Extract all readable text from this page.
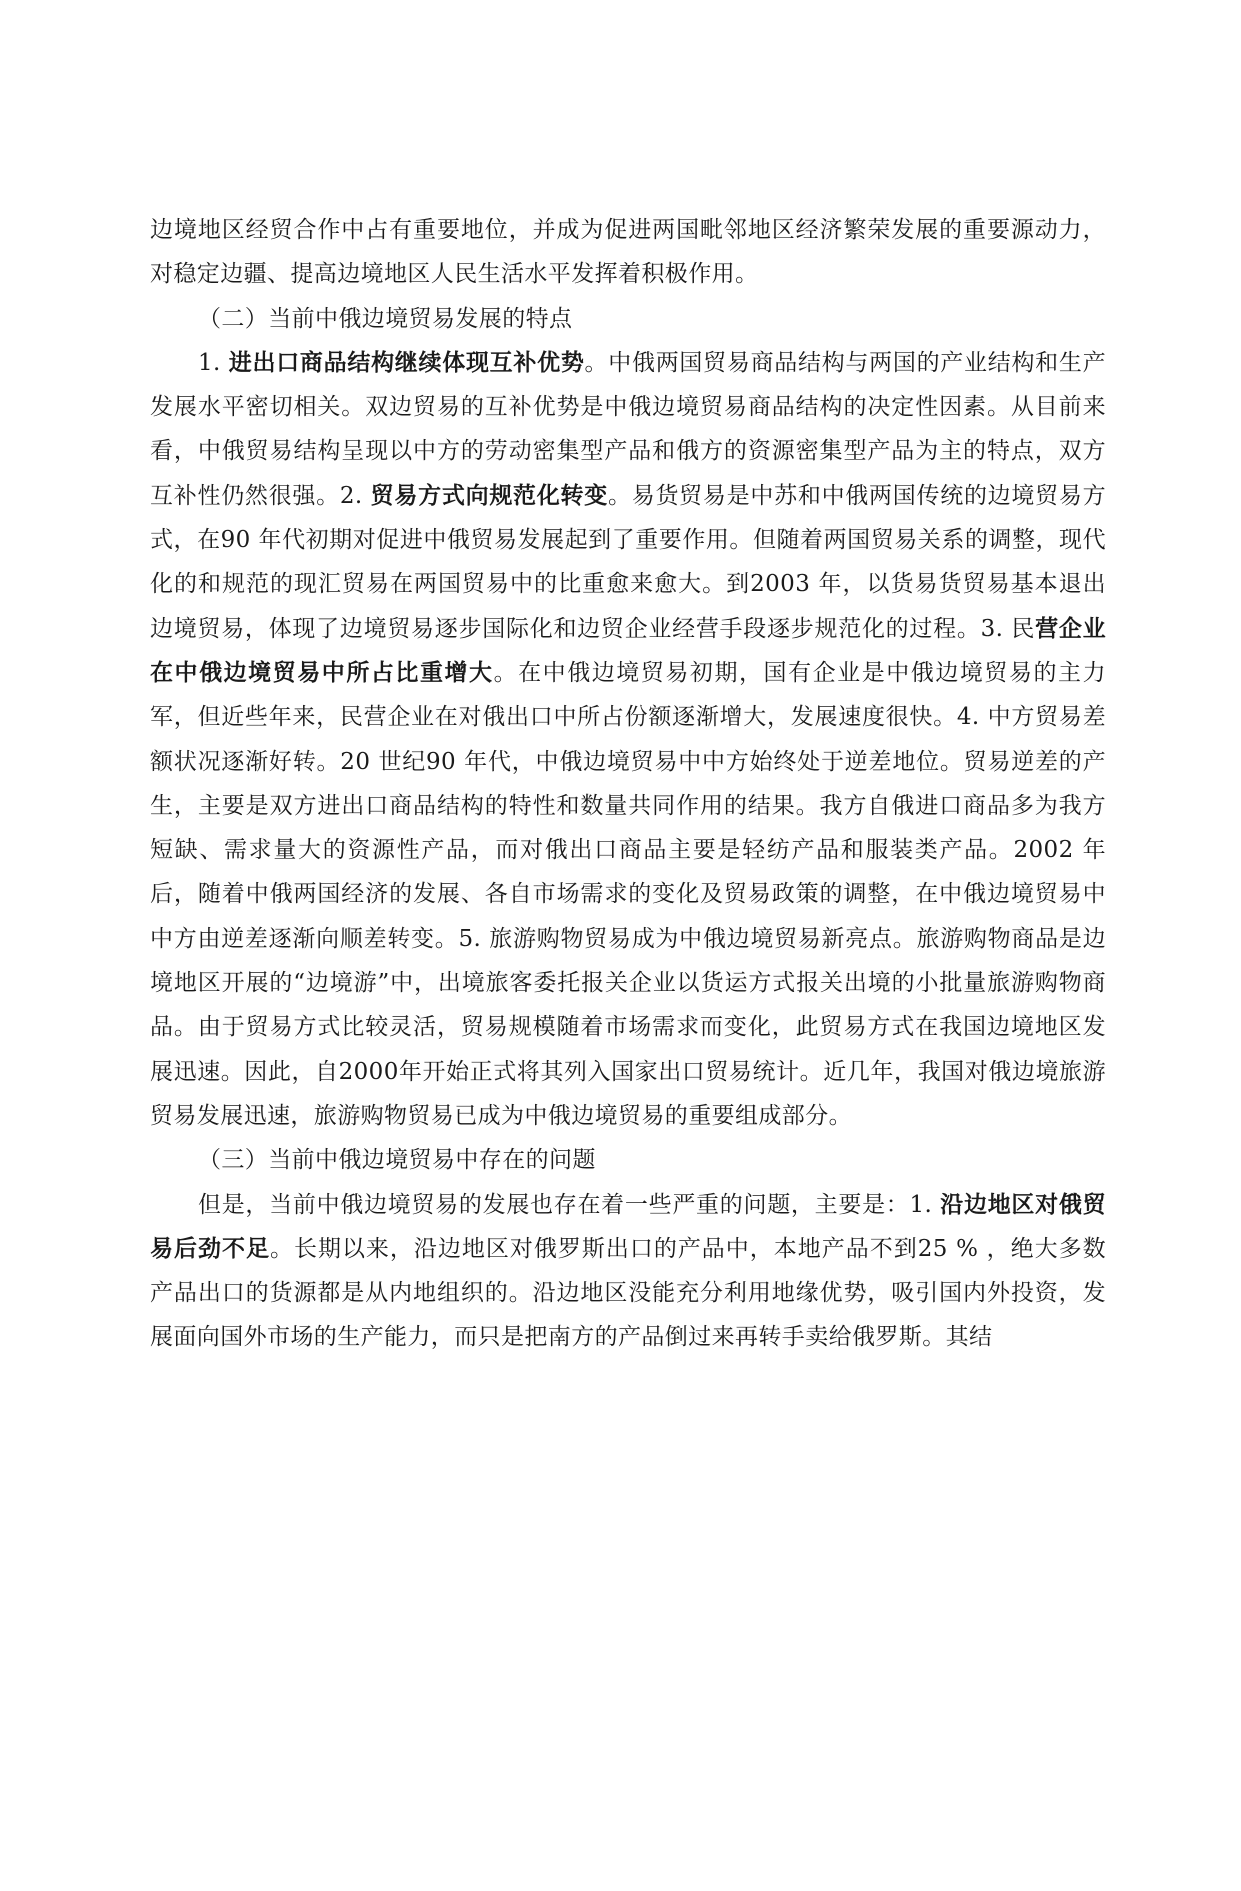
边境地区经贸合作中占有重要地位，并成为促进两国毗邻地区经济繁荣发展的重要源动力，对稳定边疆、提高边境地区人民生活水平发挥着积极作用。

（二）当前中俄边境贸易发展的特点

1. 进出口商品结构继续体现互补优势。中俄两国贸易商品结构与两国的产业结构和生产发展水平密切相关。双边贸易的互补优势是中俄边境贸易商品结构的决定性因素。从目前来看，中俄贸易结构呈现以中方的劳动密集型产品和俄方的资源密集型产品为主的特点，双方互补性仍然很强。2. 贸易方式向规范化转变。易货贸易是中苏和中俄两国传统的边境贸易方式，在90 年代初期对促进中俄贸易发展起到了重要作用。但随着两国贸易关系的调整，现代化的和规范的现汇贸易在两国贸易中的比重愈来愈大。到2003 年，以货易货贸易基本退出边境贸易，体现了边境贸易逐步国际化和边贸企业经营手段逐步规范化的过程。3. 民营企业在中俄边境贸易中所占比重增大。在中俄边境贸易初期，国有企业是中俄边境贸易的主力军，但近些年来，民营企业在对俄出口中所占份额逐渐增大，发展速度很快。4. 中方贸易差额状况逐渐好转。20 世纪90 年代，中俄边境贸易中中方始终处于逆差地位。贸易逆差的产生，主要是双方进出口商品结构的特性和数量共同作用的结果。我方自俄进口商品多为我方短缺、需求量大的资源性产品，而对俄出口商品主要是轻纺产品和服装类产品。2002 年后，随着中俄两国经济的发展、各自市场需求的变化及贸易政策的调整，在中俄边境贸易中中方由逆差逐渐向顺差转变。5. 旅游购物贸易成为中俄边境贸易新亮点。旅游购物商品是边境地区开展的“边境游”中，出境旅客委托报关企业以货运方式报关出境的小批量旅游购物商品。由于贸易方式比较灵活，贸易规模随着市场需求而变化，此贸易方式在我国边境地区发展迅速。因此，自2000年开始正式将其列入国家出口贸易统计。近几年，我国对俄边境旅游贸易发展迅速，旅游购物贸易已成为中俄边境贸易的重要组成部分。

（三）当前中俄边境贸易中存在的问题

但是，当前中俄边境贸易的发展也存在着一些严重的问题，主要是：1. 沿边地区对俄贸易后劲不足。长期以来，沿边地区对俄罗斯出口的产品中，本地产品不到25 % ，绝大多数产品出口的货源都是从内地组织的。沿边地区没能充分利用地缘优势，吸引国内外投资，发展面向国外市场的生产能力，而只是把南方的产品倒过来再转手卖给俄罗斯。其结
